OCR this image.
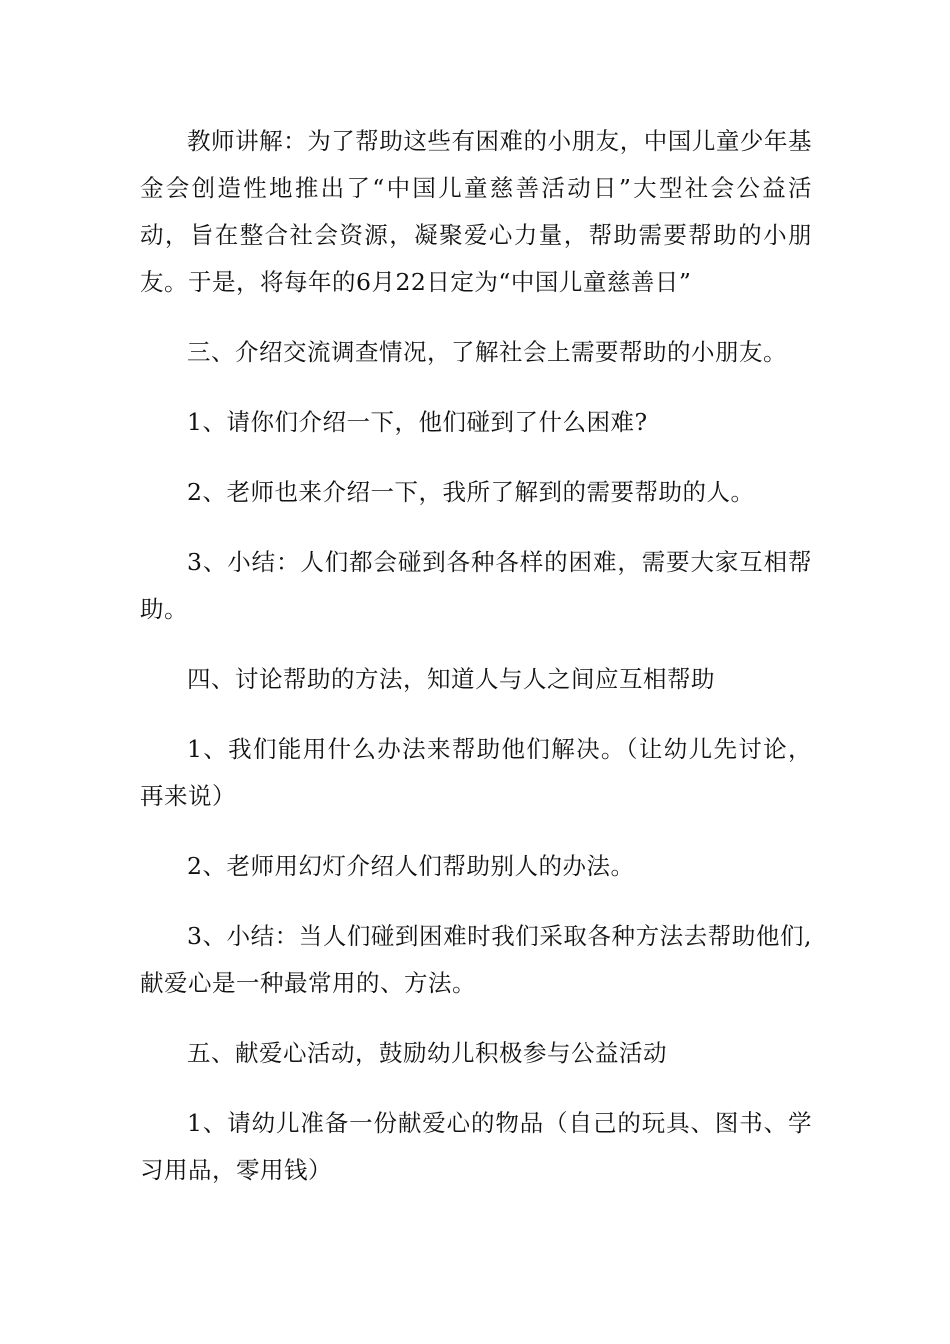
教师讲解：为了帮助这些有困难的小朋友，中国儿童少年基金会创造性地推出了“中国儿童慈善活动日”大型社会公益活动，旨在整合社会资源，凝聚爱心力量，帮助需要帮助的小朋友。于是，将每年的6月22日定为“中国儿童慈善日”

三、介绍交流调查情况，了解社会上需要帮助的小朋友。

1、请你们介绍一下，他们碰到了什么困难?

2、老师也来介绍一下，我所了解到的需要帮助的人。

3、小结：人们都会碰到各种各样的困难，需要大家互相帮助。

四、讨论帮助的方法，知道人与人之间应互相帮助

1、我们能用什么办法来帮助他们解决。（让幼儿先讨论，再来说）

2、老师用幻灯介绍人们帮助别人的办法。

3、小结：当人们碰到困难时我们采取各种方法去帮助他们,献爱心是一种最常用的、方法。

五、献爱心活动，鼓励幼儿积极参与公益活动

1、请幼儿准备一份献爱心的物品（自己的玩具、图书、学习用品，零用钱）
